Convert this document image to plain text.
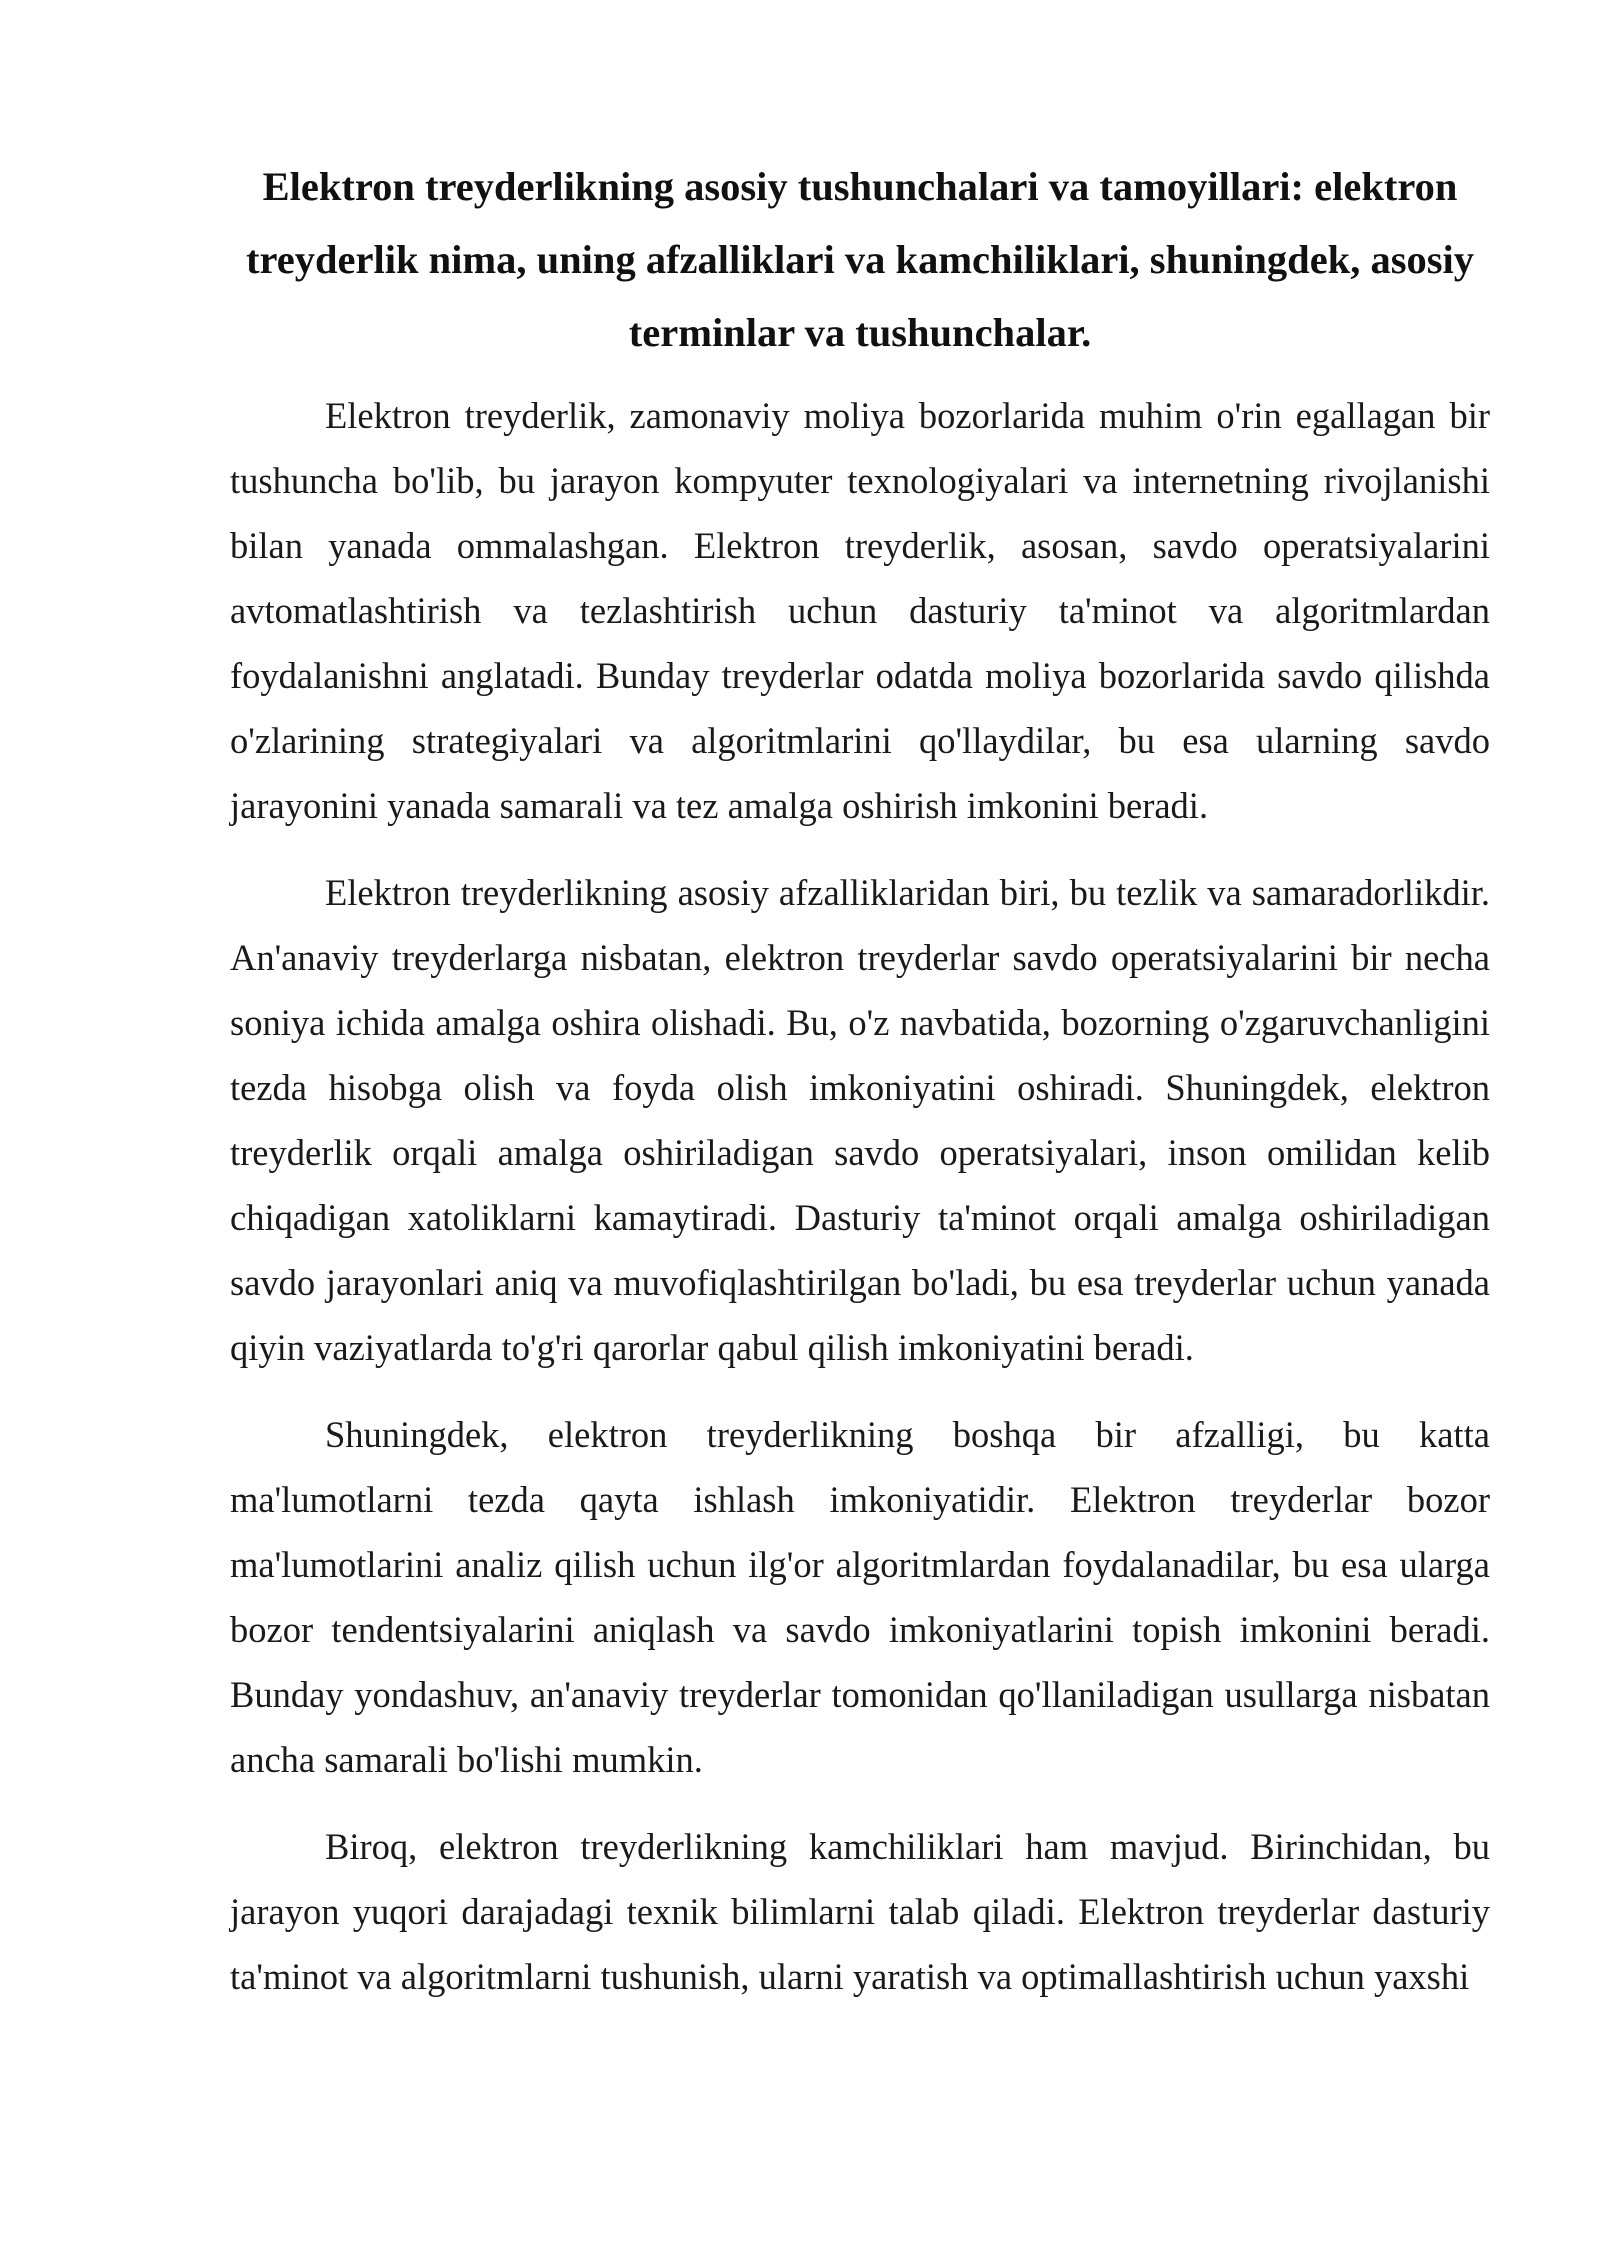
Elektron treyderlikning asosiy tushunchalari va tamoyillari: elektron treyderlik nima, uning afzalliklari va kamchiliklari, shuningdek, asosiy terminlar va tushunchalar.

Elektron treyderlik, zamonaviy moliya bozorlarida muhim o'rin egallagan bir tushuncha bo'lib, bu jarayon kompyuter texnologiyalari va internetning rivojlanishi bilan yanada ommalashgan. Elektron treyderlik, asosan, savdo operatsiyalarini avtomatlashtirish va tezlashtirish uchun dasturiy ta'minot va algoritmlardan foydalanishni anglatadi. Bunday treyderlar odatda moliya bozorlarida savdo qilishda o'zlarining strategiyalari va algoritmlarini qo'llaydilar, bu esa ularning savdo jarayonini yanada samarali va tez amalga oshirish imkonini beradi.

Elektron treyderlikning asosiy afzalliklaridan biri, bu tezlik va samaradorlikdir. An'anaviy treyderlarga nisbatan, elektron treyderlar savdo operatsiyalarini bir necha soniya ichida amalga oshira olishadi. Bu, o'z navbatida, bozorning o'zgaruvchanligini tezda hisobga olish va foyda olish imkoniyatini oshiradi. Shuningdek, elektron treyderlik orqali amalga oshiriladigan savdo operatsiyalari, inson omilidan kelib chiqadigan xatoliklarni kamaytiradi. Dasturiy ta'minot orqali amalga oshiriladigan savdo jarayonlari aniq va muvofiqlashtirilgan bo'ladi, bu esa treyderlar uchun yanada qiyin vaziyatlarda to'g'ri qarorlar qabul qilish imkoniyatini beradi.

Shuningdek, elektron treyderlikning boshqa bir afzalligi, bu katta ma'lumotlarni tezda qayta ishlash imkoniyatidir. Elektron treyderlar bozor ma'lumotlarini analiz qilish uchun ilg'or algoritmlardan foydalanadilar, bu esa ularga bozor tendentsiyalarini aniqlash va savdo imkoniyatlarini topish imkonini beradi. Bunday yondashuv, an'anaviy treyderlar tomonidan qo'llaniladigan usullarga nisbatan ancha samarali bo'lishi mumkin.

Biroq, elektron treyderlikning kamchiliklari ham mavjud. Birinchidan, bu jarayon yuqori darajadagi texnik bilimlarni talab qiladi. Elektron treyderlar dasturiy ta'minot va algoritmlarni tushunish, ularni yaratish va optimallashtirish uchun yaxshi
